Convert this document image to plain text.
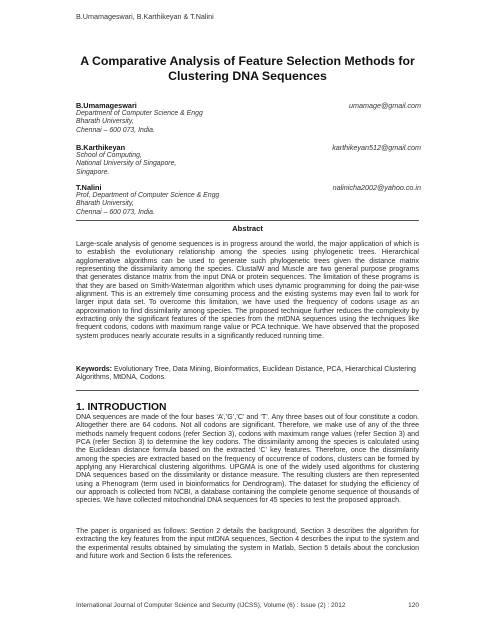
B.Umamageswari, B.Karthikeyan & T.Nalini
A Comparative Analysis of Feature Selection Methods for Clustering DNA Sequences
B.Umamageswari	umamage@gmail.com
Department of Computer Science & Engg
Bharath University,
Chennai – 600 073, India.
B.Karthikeyan	karthikeyan512@gmail.com
School of Computing,
National University of Singapore,
Singapore.
T.Nalini	nalinicha2002@yahoo.co.in
Prof, Department of Computer Science & Engg
Bharath University,
Chennai – 600 073, India.
Abstract
Large-scale analysis of genome sequences is in progress around the world, the major application of which is to establish the evolutionary relationship among the species using phylogenetic trees. Hierarchical agglomerative algorithms can be used to generate such phylogenetic trees given the distance matrix representing the dissimilarity among the species. ClustalW and Muscle are two general purpose programs that generates distance matrix from the input DNA or protein sequences. The limitation of these programs is that they are based on Smith-Waterman algorithm which uses dynamic programming for doing the pair-wise alignment. This is an extremely time consuming process and the existing systems may even fail to work for larger input data set. To overcome this limitation, we have used the frequency of codons usage as an approximation to find dissimilarity among species. The proposed technique further reduces the complexity by extracting only the significant features of the species from the mtDNA sequences using the techniques like frequent codons, codons with maximum range value or PCA technique. We have observed that the proposed system produces nearly accurate results in a significantly reduced running time.
Keywords: Evolutionary Tree, Data Mining, Bioinformatics, Euclidean Distance, PCA, Hierarchical Clustering Algorithms, MtDNA, Codons.
1. INTRODUCTION
DNA sequences are made of the four bases ‘A’,’G’,’C’ and ‘T’. Any three bases out of four constitute a codon. Altogether there are 64 codons. Not all codons are significant. Therefore, we make use of any of the three methods namely frequent codons (refer Section 3), codons with maximum range values (refer Section 3) and PCA (refer Section 3) to determine the key codons. The dissimilarity among the species is calculated using the Euclidean distance formula based on the extracted ‘C’ key features. Therefore, once the dissimilarity among the species are extracted based on the frequency of occurrence of codons, clusters can be formed by applying any Hierarchical clustering algorithms. UPGMA is one of the widely used algorithms for clustering DNA sequences based on the dissimilarity or distance measure. The resulting clusters are then represented using a Phenogram (term used in bioinformatics for Dendrogram). The dataset for studying the efficiency of our approach is collected from NCBI, a database containing the complete genome sequence of thousands of species. We have collected mitochondrial DNA sequences for 45 species to test the proposed approach.
The paper is organised as follows: Section 2 details the background, Section 3 describes the algorithm for extracting the key features from the input mtDNA sequences, Section 4 describes the input to the system and the experimental results obtained by simulating the system in Matlab, Section 5 details about the conclusion and future work and Section 6 lists the references.
International Journal of Computer Science and Security (IJCSS), Volume (6) : Issue (2) : 2012	120
